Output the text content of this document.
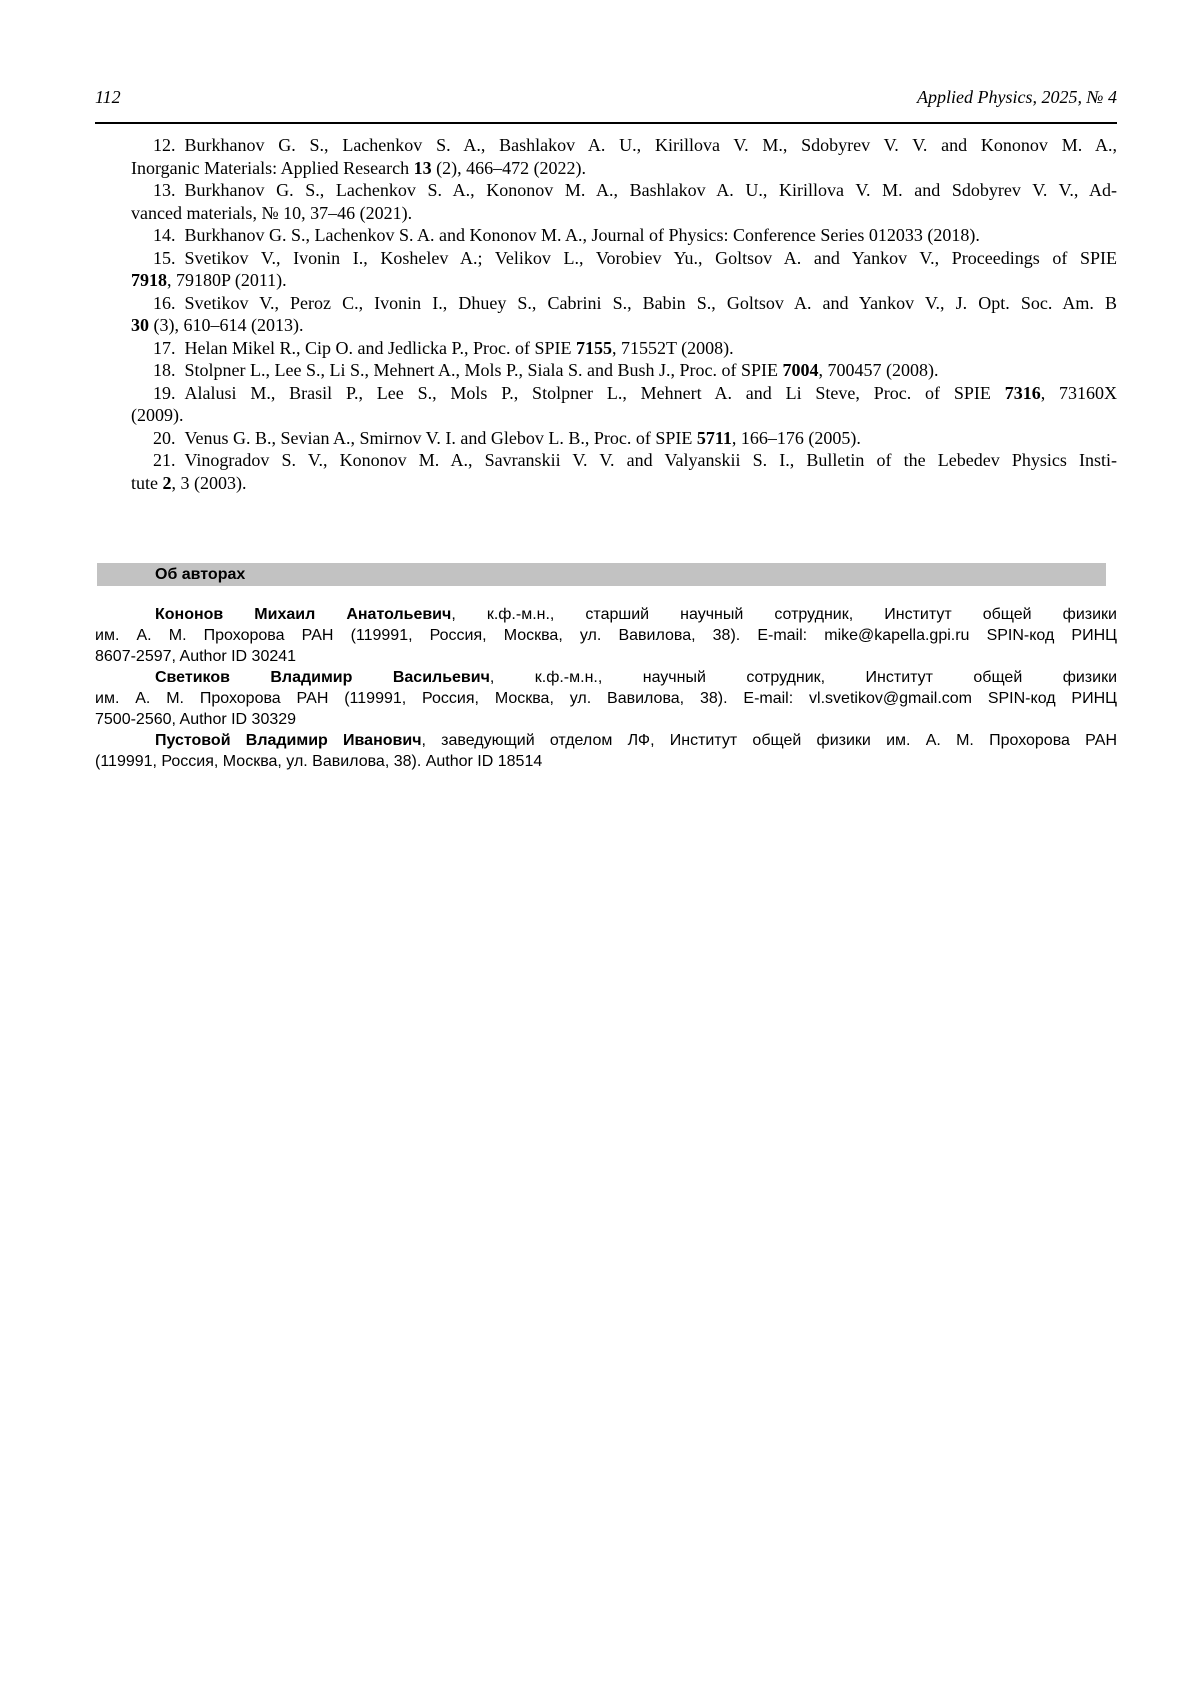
112	Applied Physics, 2025, № 4
12. Burkhanov G. S., Lachenkov S. A., Bashlakov A. U., Kirillova V. M., Sdobyrev V. V. and Kononov M. A.,
Inorganic Materials: Applied Research 13 (2), 466–472 (2022).
13. Burkhanov G. S., Lachenkov S. A., Kononov M. A., Bashlakov A. U., Kirillova V. M. and Sdobyrev V. V., Ad-
vanced materials, № 10, 37–46 (2021).
14. Burkhanov G. S., Lachenkov S. A. and Kononov M. A., Journal of Physics: Conference Series 012033 (2018).
15. Svetikov V., Ivonin I., Koshelev A.; Velikov L., Vorobiev Yu., Goltsov A. and Yankov V., Proceedings of SPIE
7918, 79180P (2011).
16. Svetikov V., Peroz C., Ivonin I., Dhuey S., Cabrini S., Babin S., Goltsov A. and Yankov V., J. Opt. Soc. Am. B
30 (3), 610–614 (2013).
17. Helan Mikel R., Cip O. and Jedlicka P., Proc. of SPIE 7155, 71552T (2008).
18. Stolpner L., Lee S., Li S., Mehnert A., Mols P., Siala S. and Bush J., Proc. of SPIE 7004, 700457 (2008).
19. Alalusi M., Brasil P., Lee S., Mols P., Stolpner L., Mehnert A. and Li Steve, Proc. of SPIE 7316, 73160X
(2009).
20. Venus G. B., Sevian A., Smirnov V. I. and Glebov L. B., Proc. of SPIE 5711, 166–176 (2005).
21. Vinogradov S. V., Kononov M. A., Savranskii V. V. and Valyanskii S. I., Bulletin of the Lebedev Physics Insti-
tute 2, 3 (2003).
Об авторах
Кононов Михаил Анатольевич, к.ф.-м.н., старший научный сотрудник, Институт общей физики
им. А. М. Прохорова РАН (119991, Россия, Москва, ул. Вавилова, 38). E-mail: mike@kapella.gpi.ru SPIN-код РИНЦ
8607-2597, Author ID 30241
Светиков Владимир Васильевич, к.ф.-м.н., научный сотрудник, Институт общей физики
им. А. М. Прохорова РАН (119991, Россия, Москва, ул. Вавилова, 38). E-mail: vl.svetikov@gmail.com SPIN-код РИНЦ
7500-2560, Author ID 30329
Пустовой Владимир Иванович, заведующий отделом ЛФ, Институт общей физики им. А. М. Прохорова РАН
(119991, Россия, Москва, ул. Вавилова, 38). Author ID 18514
